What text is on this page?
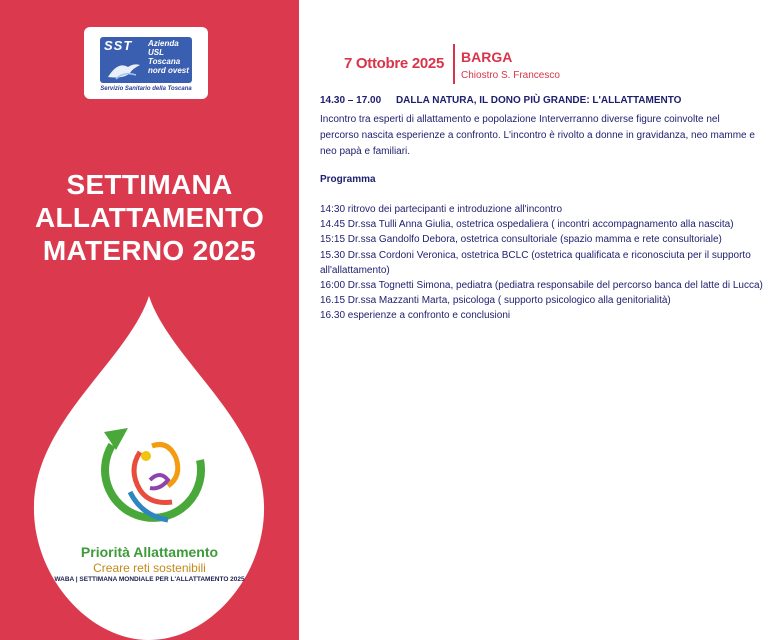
SST Azienda
USL
Toscana
nord ovest
Servizio Sanitario della Toscana
SETTIMANA
ALLATTAMENTO
MATERNO 2025
Priorità Allattamento
Creare reti sostenibili
WABA | SETTIMANA MONDIALE PER L'ALLATTAMENTO 2025
7 Ottobre 2025 BARGA
Chiostro S. Francesco
14.30 – 17.00 DALLA NATURA, IL DONO PIÙ GRANDE: L'ALLATTAMENTO

Incontro tra esperti di allattamento e popolazione Interverranno diverse figure coinvolte nel percorso nascita esperienze a confronto. L'incontro è rivolto a donne in gravidanza, neo mamme e neo papà e familiari.

Programma
14:30 ritrovo dei partecipanti e introduzione all'incontro
14.45 Dr.ssa Tulli Anna Giulia, ostetrica ospedaliera ( incontri accompagnamento alla nascita)
15:15 Dr.ssa Gandolfo Debora, ostetrica consultoriale (spazio mamma e rete consultoriale)
15.30 Dr.ssa Cordoni Veronica, ostetrica BCLC (ostetrica qualificata e riconosciuta per il supporto all'allattamento)
16:00 Dr.ssa Tognetti Simona, pediatra (pediatra responsabile del percorso banca del latte di Lucca)
16.15 Dr.ssa Mazzanti Marta, psicologa ( supporto psicologico alla genitorialità)
16.30 esperienze a confronto e conclusioni
